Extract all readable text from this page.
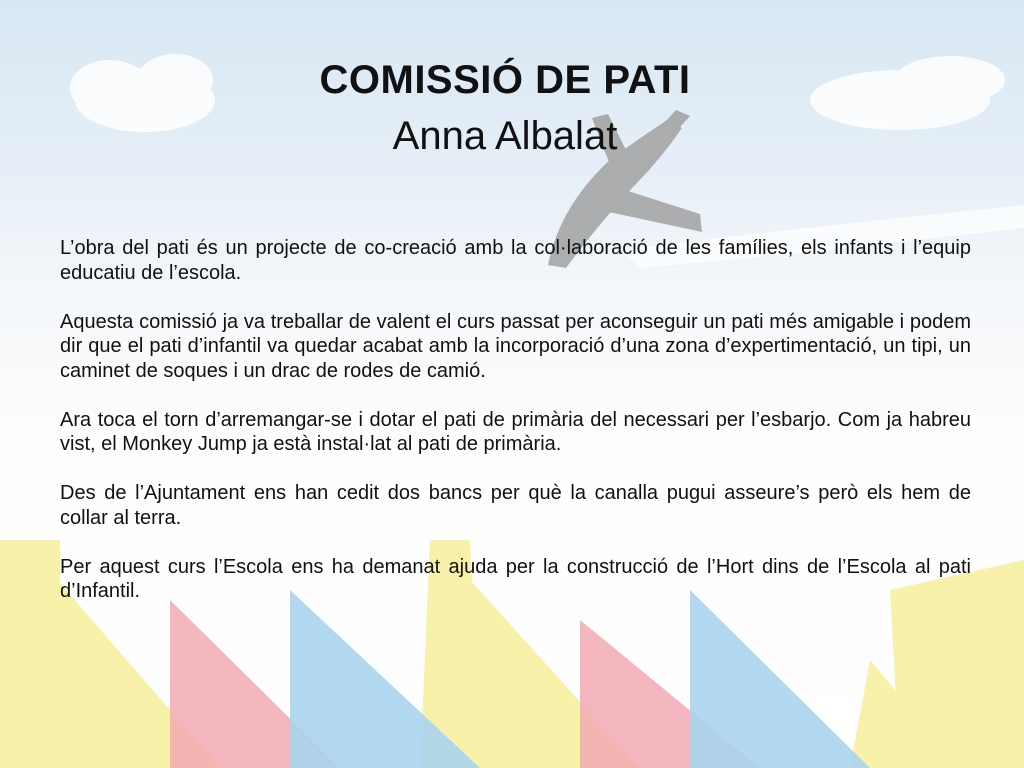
COMISSIÓ DE PATI
Anna Albalat

L’obra del pati és un projecte de co-creació amb la col·laboració de les famílies, els infants i l’equip educatiu de l’escola.

Aquesta comissió ja va treballar de valent el curs passat per aconseguir un pati més amigable i podem dir que el pati d’infantil va quedar acabat amb la incorporació d’una zona d’expertimentació, un tipi, un caminet de soques i un drac de rodes de camió.

Ara toca el torn d’arremangar-se i dotar el pati de primària del necessari per l’esbarjo. Com ja habreu vist, el Monkey Jump ja està instal·lat al pati de primària.

Des de l’Ajuntament ens han cedit dos bancs per què la canalla pugui asseure’s però els hem de collar al terra.

Per aquest curs l’Escola ens ha demanat ajuda per la construcció de l’Hort dins de l’Escola al pati d’Infantil.
